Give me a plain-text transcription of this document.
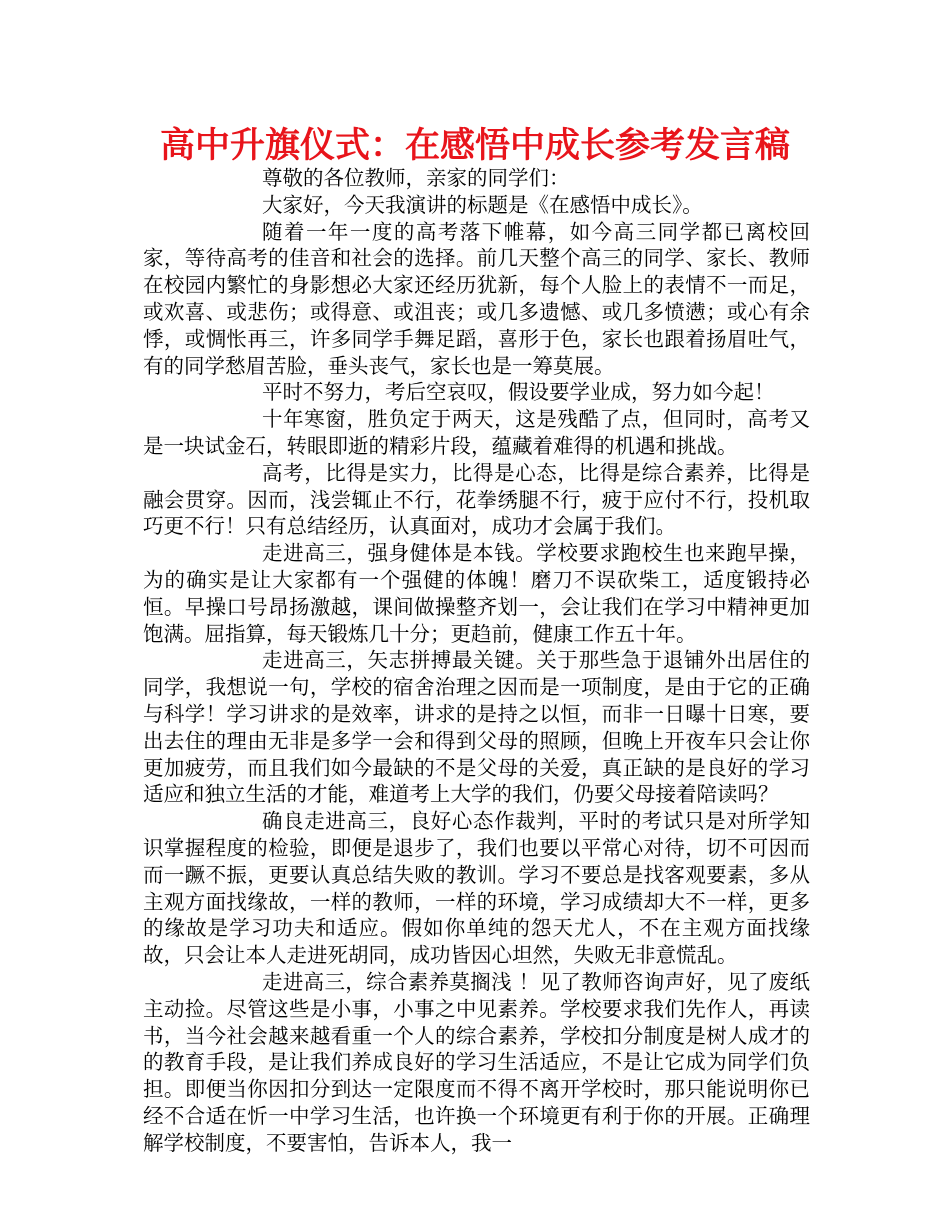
高中升旗仪式：在感悟中成长参考发言稿

尊敬的各位教师，亲家的同学们：

大家好，今天我演讲的标题是《在感悟中成长》。

随着一年一度的高考落下帷幕，如今高三同学都已离校回家，等待高考的佳音和社会的选择。前几天整个高三的同学、家长、教师在校园内繁忙的身影想必大家还经历犹新，每个人脸上的表情不一而足，或欢喜、或悲伤；或得意、或沮丧；或几多遗憾、或几多愤懑；或心有余悸，或惆怅再三，许多同学手舞足蹈，喜形于色，家长也跟着扬眉吐气，有的同学愁眉苦脸，垂头丧气，家长也是一筹莫展。

平时不努力，考后空哀叹，假设要学业成，努力如今起！

十年寒窗，胜负定于两天，这是残酷了点，但同时，高考又是一块试金石，转眼即逝的精彩片段，蕴藏着难得的机遇和挑战。

高考，比得是实力，比得是心态，比得是综合素养，比得是融会贯穿。因而，浅尝辄止不行，花拳绣腿不行，疲于应付不行，投机取巧更不行！只有总结经历，认真面对，成功才会属于我们。

走进高三，强身健体是本钱。学校要求跑校生也来跑早操，为的确实是让大家都有一个强健的体魄！磨刀不误砍柴工，适度锻持必恒。早操口号昂扬激越，课间做操整齐划一，会让我们在学习中精神更加饱满。屈指算，每天锻炼几十分；更趋前，健康工作五十年。

走进高三，矢志拼搏最关键。关于那些急于退铺外出居住的同学，我想说一句，学校的宿舍治理之因而是一项制度，是由于它的正确与科学！学习讲求的是效率，讲求的是持之以恒，而非一日曝十日寒，要出去住的理由无非是多学一会和得到父母的照顾，但晚上开夜车只会让你更加疲劳，而且我们如今最缺的不是父母的关爱，真正缺的是良好的学习适应和独立生活的才能，难道考上大学的我们，仍要父母接着陪读吗？

确良走进高三，良好心态作裁判，平时的考试只是对所学知识掌握程度的检验，即便是退步了，我们也要以平常心对待，切不可因而而一蹶不振，更要认真总结失败的教训。学习不要总是找客观要素，多从主观方面找缘故，一样的教师，一样的环境，学习成绩却大不一样，更多的缘故是学习功夫和适应。假如你单纯的怨天尤人，不在主观方面找缘故，只会让本人走进死胡同，成功皆因心坦然，失败无非意慌乱。

走进高三，综合素养莫搁浅 ！见了教师咨询声好，见了废纸主动捡。尽管这些是小事，小事之中见素养。学校要求我们先作人，再读书，当今社会越来越看重一个人的综合素养，学校扣分制度是树人成才的的教育手段，是让我们养成良好的学习生活适应，不是让它成为同学们负担。即便当你因扣分到达一定限度而不得不离开学校时，那只能说明你已经不合适在忻一中学习生活，也许换一个环境更有利于你的开展。正确理解学校制度，不要害怕，告诉本人，我一
